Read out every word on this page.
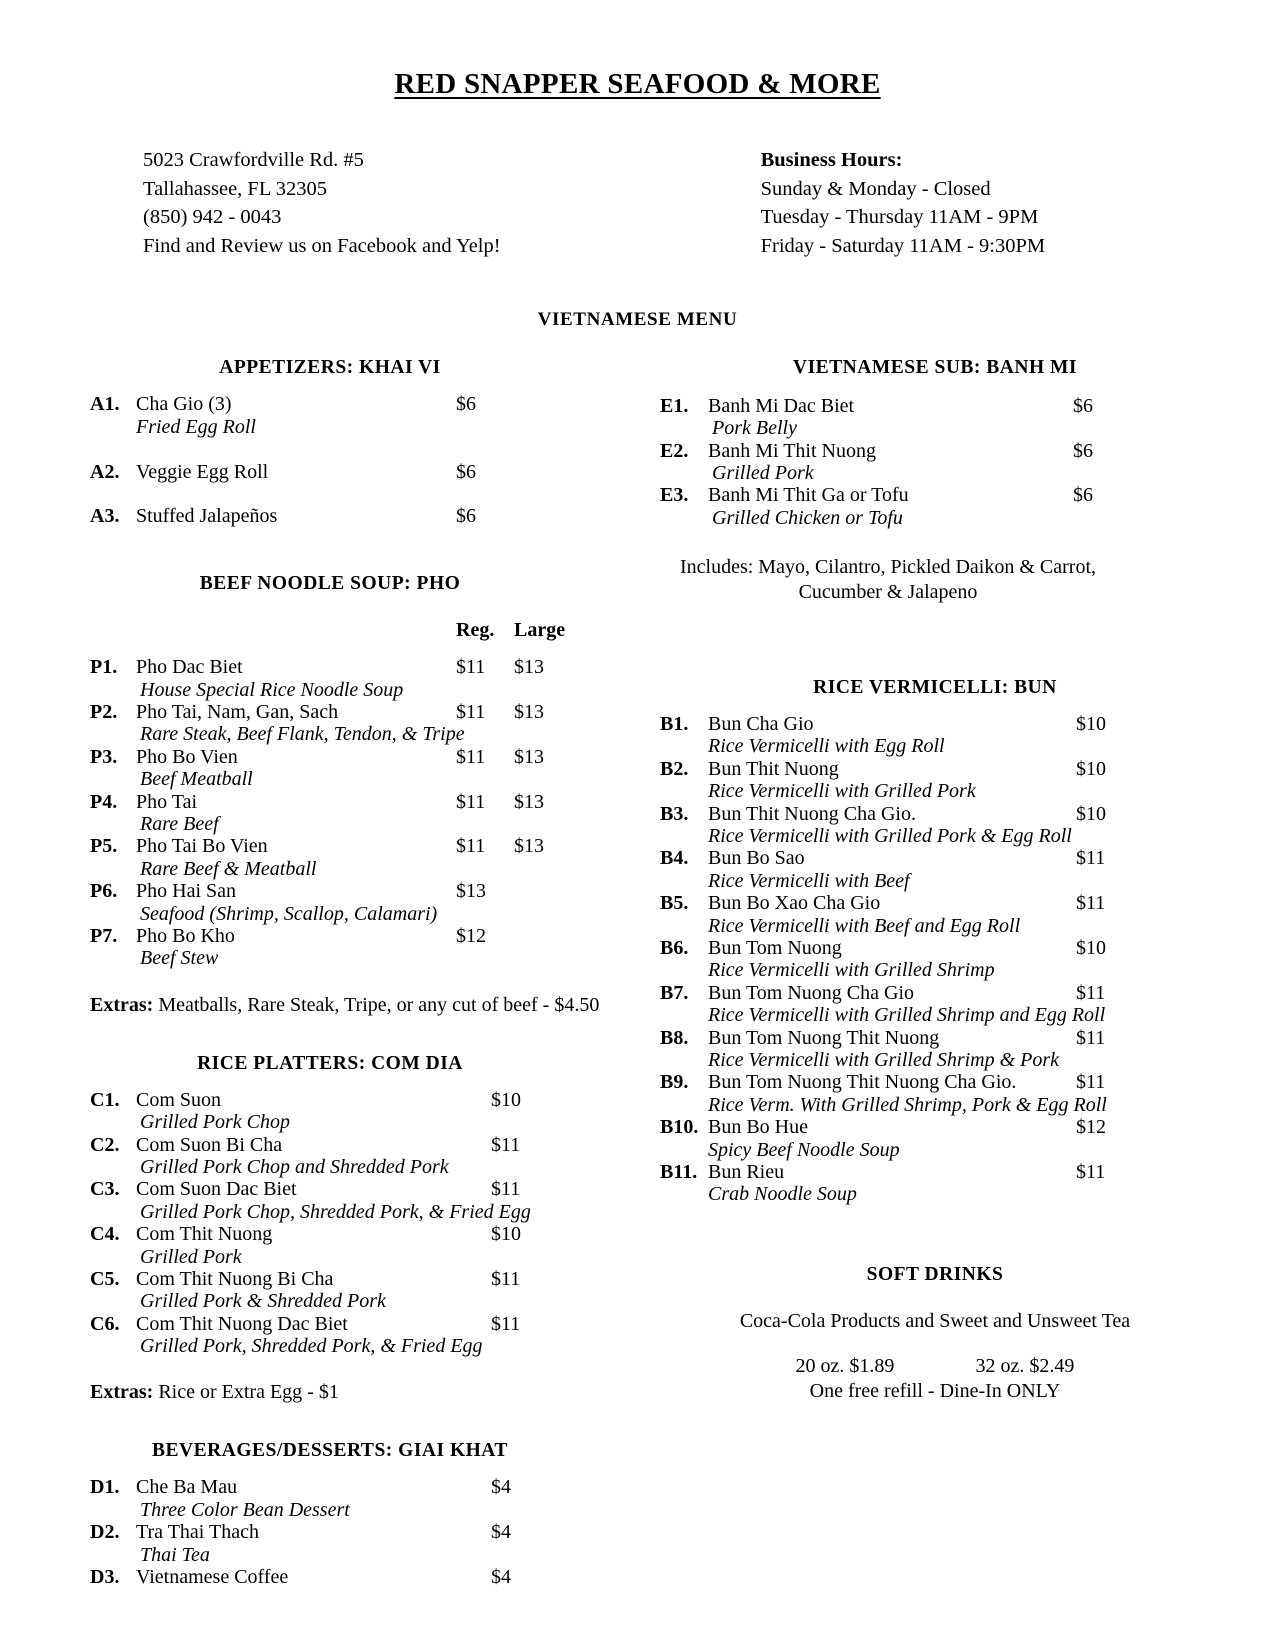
RED SNAPPER SEAFOOD & MORE
5023 Crawfordville Rd. #5
Tallahassee, FL 32305
(850) 942 - 0043
Find and Review us on Facebook and Yelp!
Business Hours:
Sunday & Monday - Closed
Tuesday - Thursday 11AM - 9PM
Friday - Saturday 11AM - 9:30PM
VIETNAMESE MENU
APPETIZERS: KHAI VI
A1. Cha Gio (3)	$6
Fried Egg Roll
A2. Veggie Egg Roll	$6
A3. Stuffed Jalapeños	$6
BEEF NOODLE SOUP: PHO
Reg. Large
P1. Pho Dac Biet	$11	$13
House Special Rice Noodle Soup
P2. Pho Tai, Nam, Gan, Sach	$11	$13
Rare Steak, Beef Flank, Tendon, & Tripe
P3. Pho Bo Vien	$11	$13
Beef Meatball
P4. Pho Tai	$11	$13
Rare Beef
P5. Pho Tai Bo Vien	$11	$13
Rare Beef & Meatball
P6. Pho Hai San	$13
Seafood (Shrimp, Scallop, Calamari)
P7. Pho Bo Kho	$12
Beef Stew
Extras: Meatballs, Rare Steak, Tripe, or any cut of beef - $4.50
RICE PLATTERS: COM DIA
C1. Com Suon	$10
Grilled Pork Chop
C2. Com Suon Bi Cha	$11
Grilled Pork Chop and Shredded Pork
C3. Com Suon Dac Biet	$11
Grilled Pork Chop, Shredded Pork, & Fried Egg
C4. Com Thit Nuong	$10
Grilled Pork
C5. Com Thit Nuong Bi Cha	$11
Grilled Pork & Shredded Pork
C6. Com Thit Nuong Dac Biet	$11
Grilled Pork, Shredded Pork, & Fried Egg
Extras: Rice or Extra Egg - $1
BEVERAGES/DESSERTS: GIAI KHAT
D1. Che Ba Mau	$4
Three Color Bean Dessert
D2. Tra Thai Thach	$4
Thai Tea
D3. Vietnamese Coffee	$4
VIETNAMESE SUB: BANH MI
E1. Banh Mi Dac Biet	$6
Pork Belly
E2. Banh Mi Thit Nuong	$6
Grilled Pork
E3. Banh Mi Thit Ga or Tofu	$6
Grilled Chicken or Tofu
Includes: Mayo, Cilantro, Pickled Daikon & Carrot,
Cucumber & Jalapeno
RICE VERMICELLI: BUN
B1. Bun Cha Gio	$10
Rice Vermicelli with Egg Roll
B2. Bun Thit Nuong	$10
Rice Vermicelli with Grilled Pork
B3. Bun Thit Nuong Cha Gio.	$10
Rice Vermicelli with Grilled Pork & Egg Roll
B4. Bun Bo Sao	$11
Rice Vermicelli with Beef
B5. Bun Bo Xao Cha Gio	$11
Rice Vermicelli with Beef and Egg Roll
B6. Bun Tom Nuong	$10
Rice Vermicelli with Grilled Shrimp
B7. Bun Tom Nuong Cha Gio	$11
Rice Vermicelli with Grilled Shrimp and Egg Roll
B8. Bun Tom Nuong Thit Nuong	$11
Rice Vermicelli with Grilled Shrimp & Pork
B9. Bun Tom Nuong Thit Nuong Cha Gio.	$11
Rice Verm. With Grilled Shrimp, Pork & Egg Roll
B10. Bun Bo Hue	$12
Spicy Beef Noodle Soup
B11. Bun Rieu	$11
Crab Noodle Soup
SOFT DRINKS
Coca-Cola Products and Sweet and Unsweet Tea
20 oz. $1.89	32 oz. $2.49
One free refill - Dine-In ONLY
